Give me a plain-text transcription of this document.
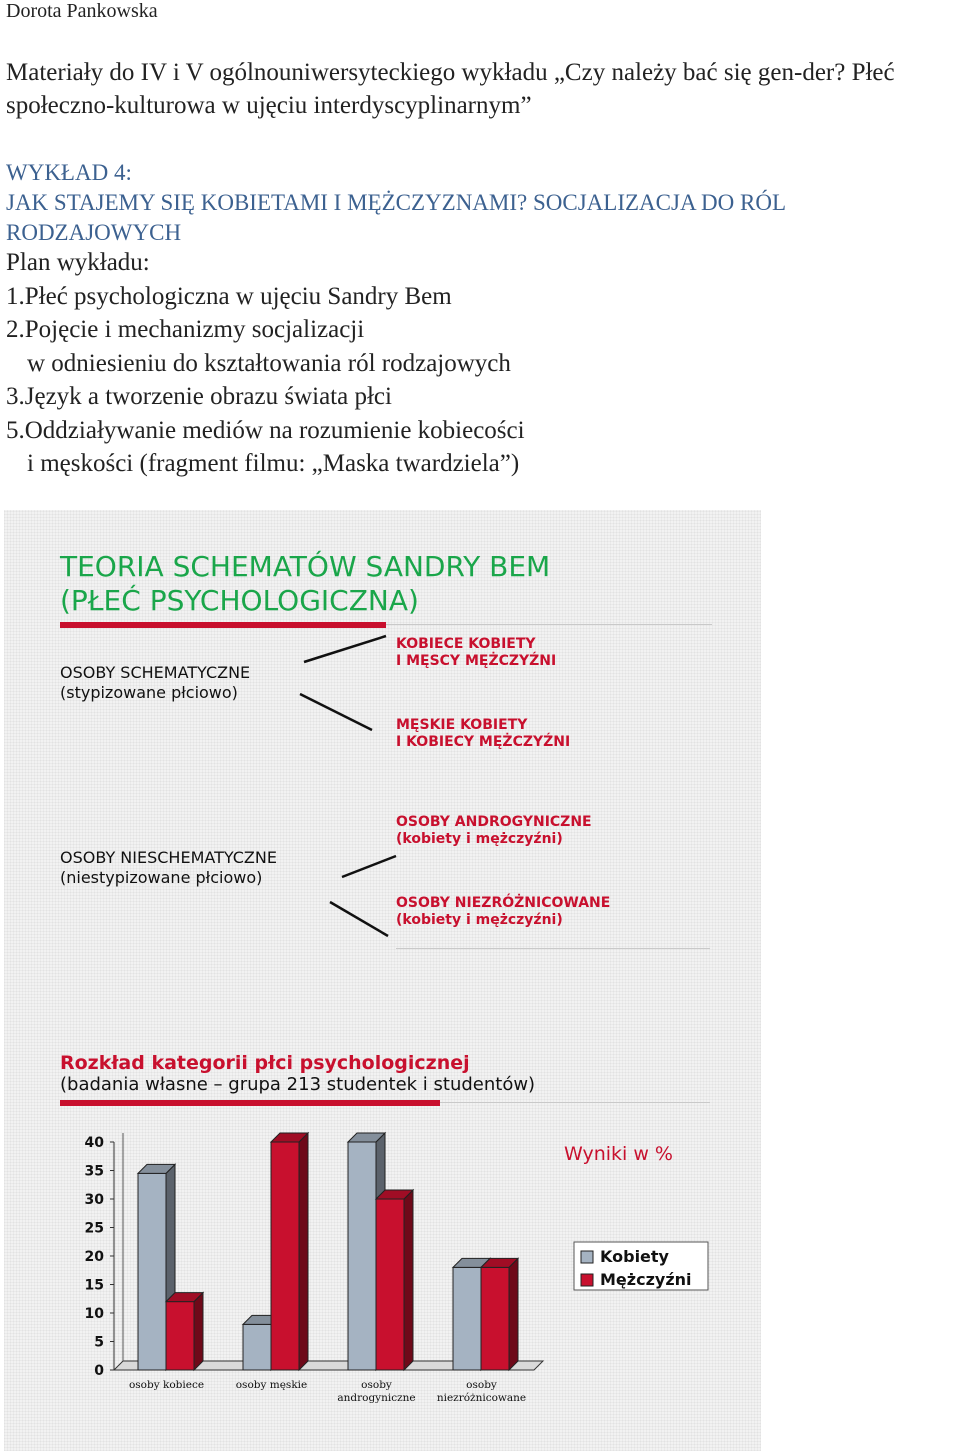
Dorota Pankowska
Materiały do IV i V ogólnouniwersyteckiego wykładu „Czy należy bać się gen-der? Płeć społeczno-kulturowa w ujęciu interdyscyplinarnym”
WYKŁAD 4:
JAK STAJEMY SIĘ KOBIETAMI I MĘŻCZYZNAMI? SOCJALIZACJA DO RÓL
RODZAJOWYCH
Plan wykładu:
1.Płeć psychologiczna w ujęciu Sandry Bem
2.Pojęcie i mechanizmy socjalizacji
w odniesieniu do kształtowania ról rodzajowych
3.Język a tworzenie obrazu świata płci
5.Oddziaływanie mediów na rozumienie kobiecości
i męskości (fragment filmu: „Maska twardziela”)
TEORIA SCHEMATÓW SANDRY BEM
(PŁEĆ PSYCHOLOGICZNA)
OSOBY SCHEMATYCZNE
(stypizowane płciowo)
KOBIECE KOBIETY
I MĘSCY MĘŻCZYŹNI
MĘSKIE KOBIETY
I KOBIECY MĘŻCZYŹNI
OSOBY NIESCHEMATYCZNE
(niestypizowane płciowo)
OSOBY ANDROGYNICZNE
(kobiety i mężczyźni)
OSOBY NIEZRÓŻNICOWANE
(kobiety i mężczyźni)
Rozkład kategorii płci psychologicznej
(badania własne – grupa 213 studentek i studentów)
0
5
10
15
20
25
30
35
40
osoby kobiece	osoby męskie	osoby
androgyniczne
osoby
niezróżnicowane
Wyniki w %
Kobiety
Mężczyźni
